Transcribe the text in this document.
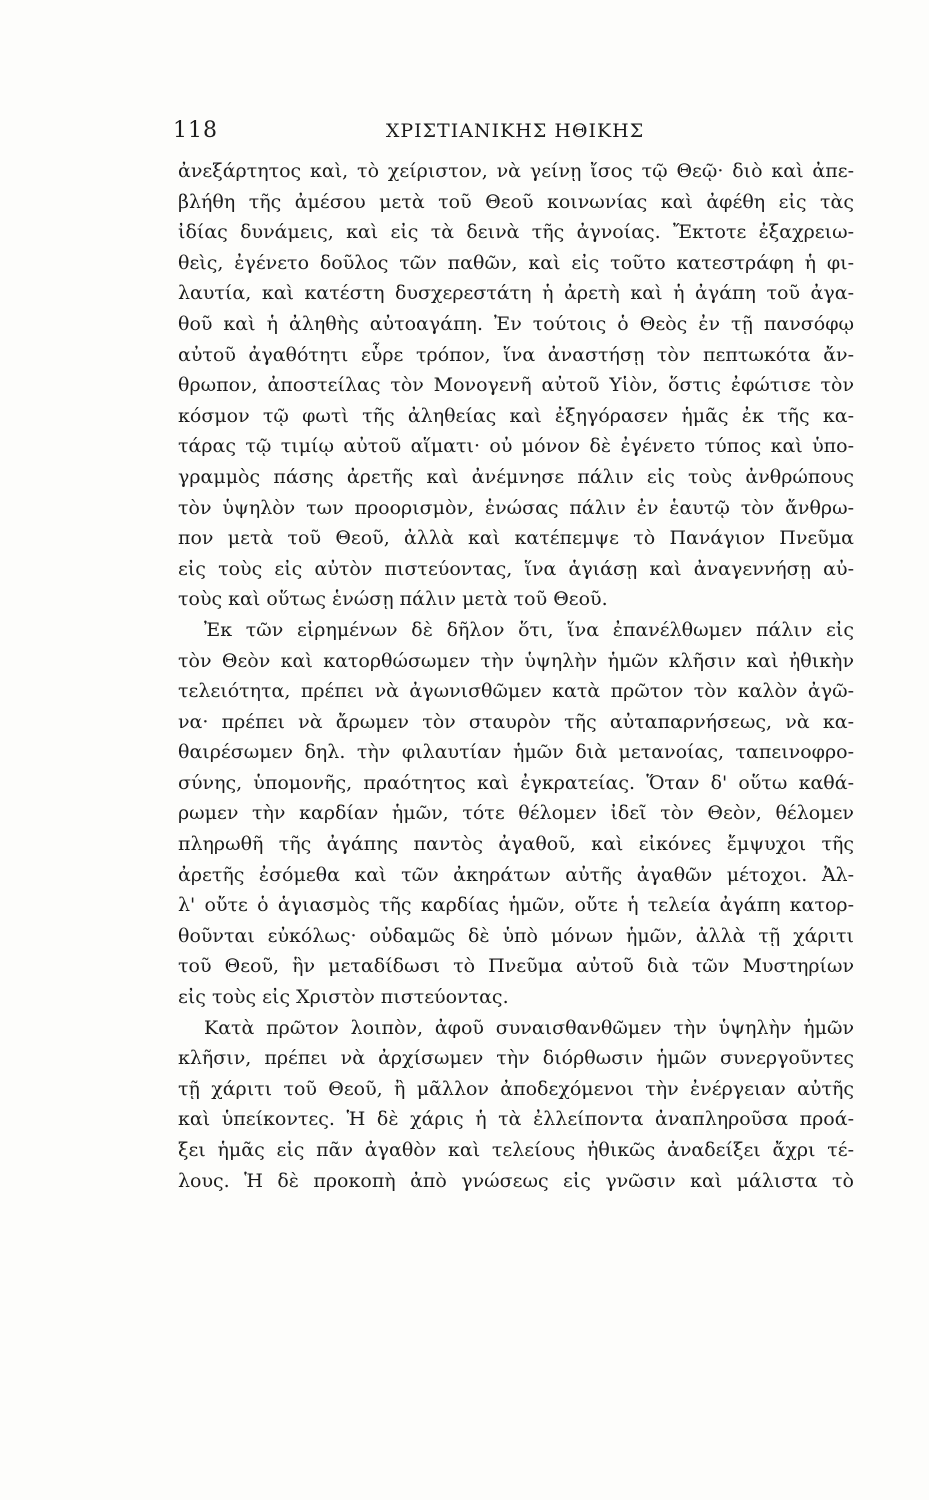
118	ΧΡΙΣΤΙΑΝΙΚΗΣ ΗΘΙΚΗΣ
ἀνεξάρτητος καὶ, τὸ χείριστον, νὰ γείνῃ ἴσος τῷ Θεῷ· διὸ καὶ ἀπε-
βλήθη τῆς ἀμέσου μετὰ τοῦ Θεοῦ κοινωνίας καὶ ἀφέθη εἰς τὰς
ἰδίας δυνάμεις, καὶ εἰς τὰ δεινὰ τῆς ἀγνοίας. Ἔκτοτε ἐξαχρειω-
θεὶς, ἐγένετο δοῦλος τῶν παθῶν, καὶ εἰς τοῦτο κατεστράφη ἡ φι-
λαυτία, καὶ κατέστη δυσχερεστάτη ἡ ἀρετὴ καὶ ἡ ἀγάπη τοῦ ἀγα-
θοῦ καὶ ἡ ἀληθὴς αὐτοαγάπη. Ἐν τούτοις ὁ Θεὸς ἐν τῇ πανσόφῳ
αὐτοῦ ἀγαθότητι εὗρε τρόπον, ἵνα ἀναστήσῃ τὸν πεπτωκότα ἄν-
θρωπον, ἀποστείλας τὸν Μονογενῆ αὐτοῦ Υἱὸν, ὅστις ἐφώτισε τὸν
κόσμον τῷ φωτὶ τῆς ἀληθείας καὶ ἐξηγόρασεν ἡμᾶς ἐκ τῆς κα-
τάρας τῷ τιμίῳ αὐτοῦ αἵματι· οὐ μόνον δὲ ἐγένετο τύπος καὶ ὑπο-
γραμμὸς πάσης ἀρετῆς καὶ ἀνέμνησε πάλιν εἰς τοὺς ἀνθρώπους
τὸν ὑψηλὸν των προορισμὸν, ἑνώσας πάλιν ἐν ἑαυτῷ τὸν ἄνθρω-
πον μετὰ τοῦ Θεοῦ, ἀλλὰ καὶ κατέπεμψε τὸ Πανάγιον Πνεῦμα
εἰς τοὺς εἰς αὐτὸν πιστεύοντας, ἵνα ἁγιάσῃ καὶ ἀναγεννήσῃ αὐ-
τοὺς καὶ οὕτως ἑνώσῃ πάλιν μετὰ τοῦ Θεοῦ.
Ἐκ τῶν εἰρημένων δὲ δῆλον ὅτι, ἵνα ἐπανέλθωμεν πάλιν εἰς
τὸν Θεὸν καὶ κατορθώσωμεν τὴν ὑψηλὴν ἡμῶν κλῆσιν καὶ ἠθικὴν
τελειότητα, πρέπει νὰ ἀγωνισθῶμεν κατὰ πρῶτον τὸν καλὸν ἀγῶ-
να· πρέπει νὰ ἄρωμεν τὸν σταυρὸν τῆς αὐταπαρνήσεως, νὰ κα-
θαιρέσωμεν δηλ. τὴν φιλαυτίαν ἡμῶν διὰ μετανοίας, ταπεινοφρο-
σύνης, ὑπομονῆς, πραότητος καὶ ἐγκρατείας. Ὅταν δ' οὕτω καθά-
ρωμεν τὴν καρδίαν ἡμῶν, τότε θέλομεν ἰδεῖ τὸν Θεὸν, θέλομεν
πληρωθῆ τῆς ἀγάπης παντὸς ἀγαθοῦ, καὶ εἰκόνες ἔμψυχοι τῆς
ἀρετῆς ἐσόμεθα καὶ τῶν ἀκηράτων αὐτῆς ἀγαθῶν μέτοχοι. Ἀλ-
λ' οὔτε ὁ ἁγιασμὸς τῆς καρδίας ἡμῶν, οὔτε ἡ τελεία ἀγάπη κατορ-
θοῦνται εὐκόλως· οὐδαμῶς δὲ ὑπὸ μόνων ἡμῶν, ἀλλὰ τῇ χάριτι
τοῦ Θεοῦ, ἣν μεταδίδωσι τὸ Πνεῦμα αὐτοῦ διὰ τῶν Μυστηρίων
εἰς τοὺς εἰς Χριστὸν πιστεύοντας.
Κατὰ πρῶτον λοιπὸν, ἀφοῦ συναισθανθῶμεν τὴν ὑψηλὴν ἡμῶν
κλῆσιν, πρέπει νὰ ἀρχίσωμεν τὴν διόρθωσιν ἡμῶν συνεργοῦντες
τῇ χάριτι τοῦ Θεοῦ, ἢ μᾶλλον ἀποδεχόμενοι τὴν ἐνέργειαν αὐτῆς
καὶ ὑπείκοντες. Ἡ δὲ χάρις ἡ τὰ ἐλλείποντα ἀναπληροῦσα προά-
ξει ἡμᾶς εἰς πᾶν ἀγαθὸν καὶ τελείους ἠθικῶς ἀναδείξει ἄχρι τέ-
λους. Ἡ δὲ προκοπὴ ἀπὸ γνώσεως εἰς γνῶσιν καὶ μάλιστα τὸ
